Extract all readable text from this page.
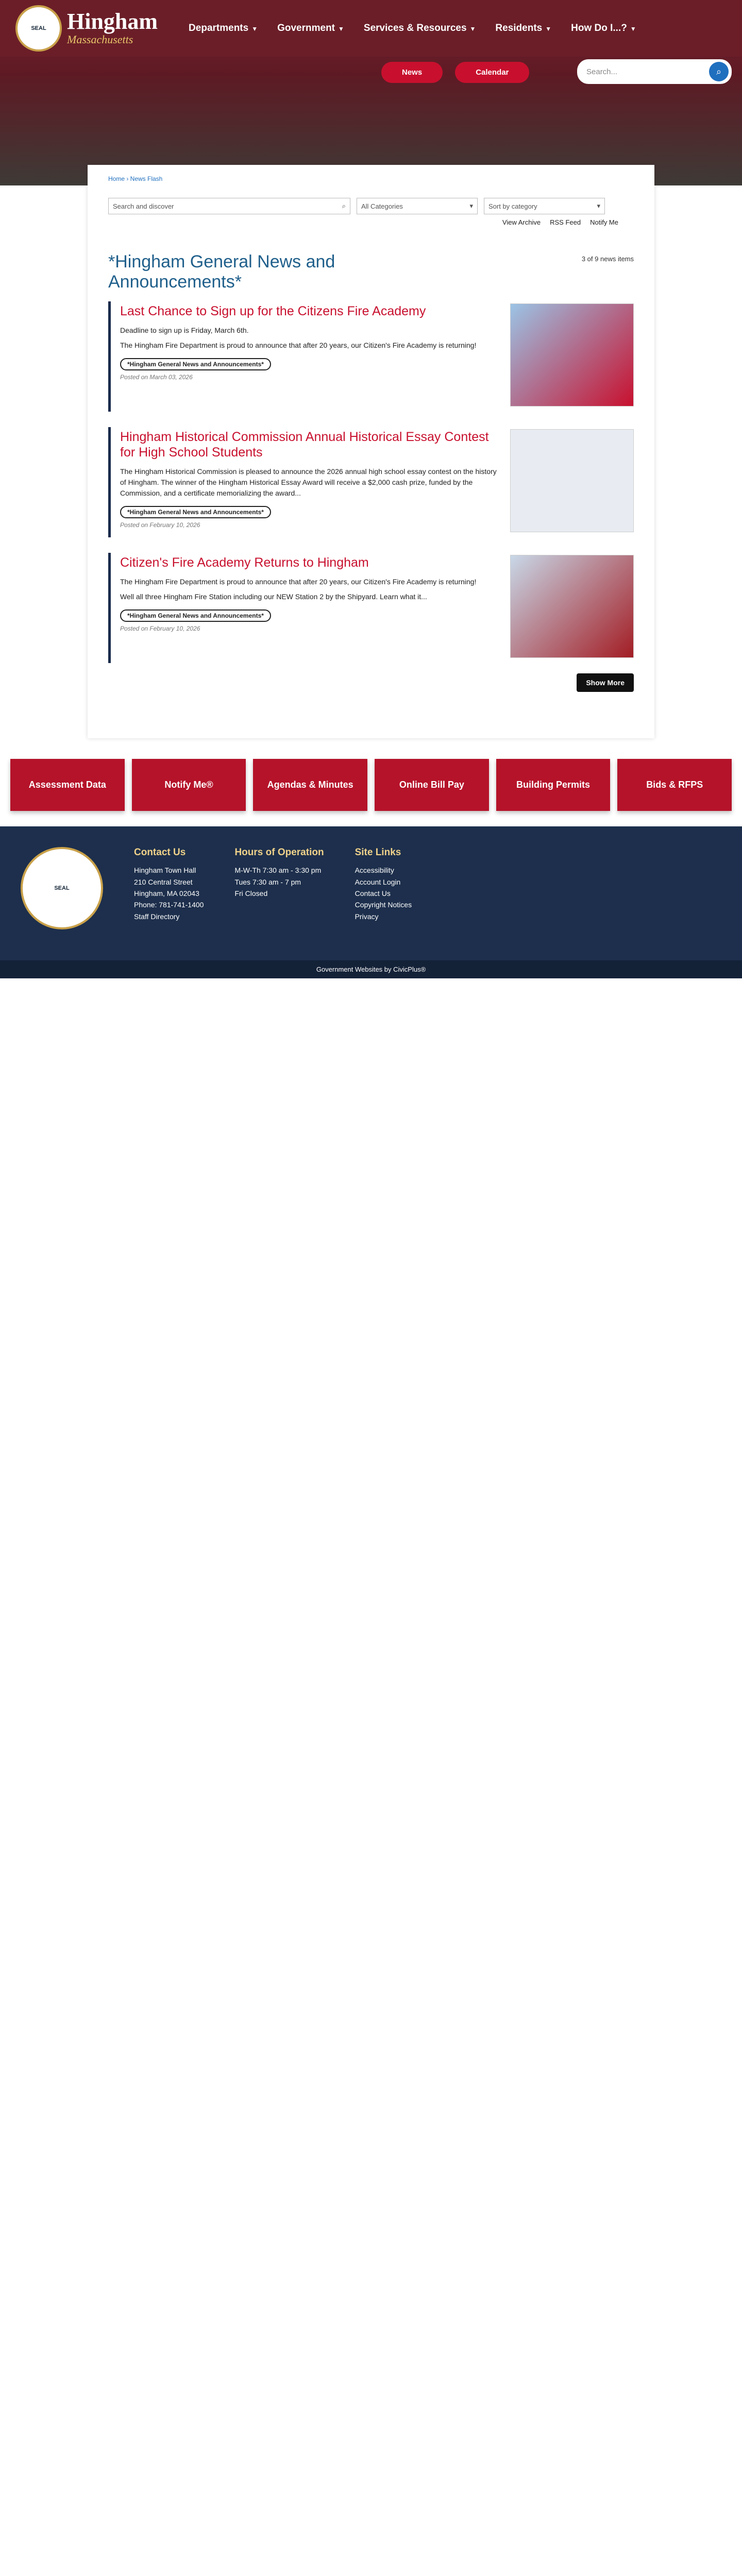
SEAL Hingham
Massachusetts
Departments ▼ Government ▼ Services & Resources ▼ Residents ▼ How Do I...? ▼
News	Calendar	Search...	⌕
Home › News Flash
Search and discover	⌕ All Categories	▾ Sort by category	▾
View Archive RSS Feed Notify Me
*Hingham General News and Announcements*
3 of 9 news items
Last Chance to Sign up for the Citizens Fire Academy

Deadline to sign up is Friday, March 6th.

The Hingham Fire Department is proud to announce that after 20 years, our Citizen's Fire Academy is returning!

*Hingham General News and Announcements*
Posted on March 03, 2026
Hingham Historical Commission Annual Historical Essay Contest for High School Students

The Hingham Historical Commission is pleased to announce the 2026 annual high school essay contest on the history of Hingham. The winner of the Hingham Historical Essay Award will receive a $2,000 cash prize, funded by the Commission, and a certificate memorializing the award...

*Hingham General News and Announcements*
Posted on February 10, 2026
Citizen's Fire Academy Returns to Hingham

The Hingham Fire Department is proud to announce that after 20 years, our Citizen's Fire Academy is returning!

Well all three Hingham Fire Station including our NEW Station 2 by the Shipyard. Learn what it...

*Hingham General News and Announcements*
Posted on February 10, 2026
Show More
Assessment Data	Notify Me®	Agendas & Minutes	Online Bill Pay	Building Permits	Bids & RFPS
SEAL
Contact Us

Hingham Town Hall

210 Central Street

Hingham, MA 02043

Phone: 781-741-1400

Staff Directory

Hours of Operation

M-W-Th 7:30 am - 3:30 pm

Tues 7:30 am - 7 pm

Fri Closed

Site Links

Accessibility

Account Login

Contact Us

Copyright Notices

Privacy

Government Websites by CivicPlus®
